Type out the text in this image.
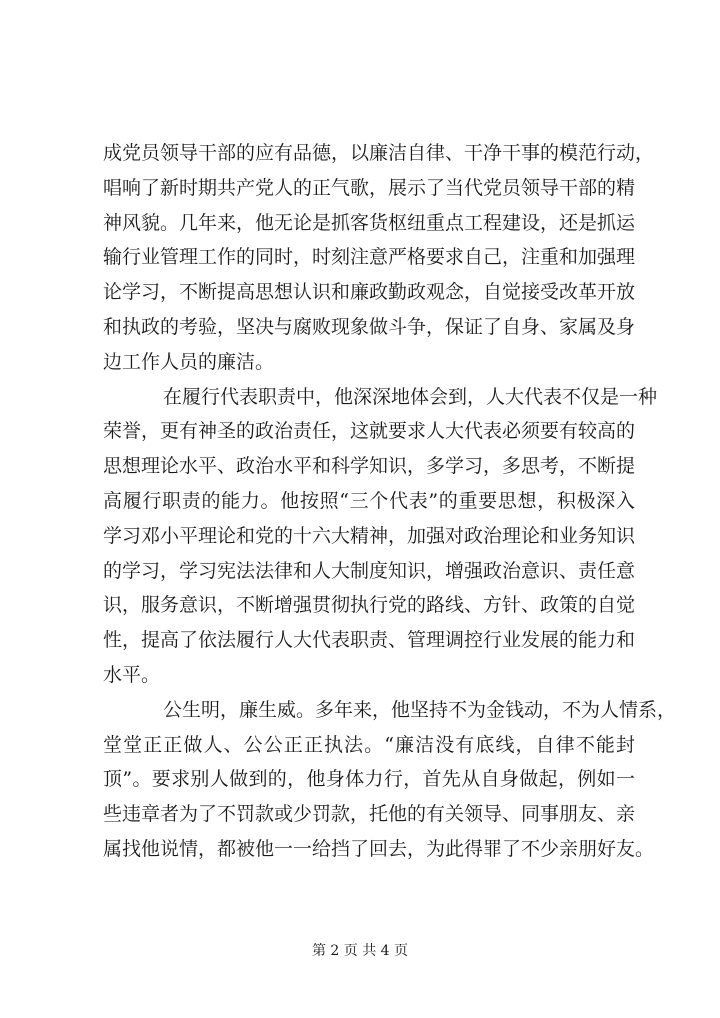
成党员领导干部的应有品德，以廉洁自律、干净干事的模范行动，
唱响了新时期共产党人的正气歌，展示了当代党员领导干部的精
神风貌。几年来，他无论是抓客货枢纽重点工程建设，还是抓运
输行业管理工作的同时，时刻注意严格要求自己，注重和加强理
论学习，不断提高思想认识和廉政勤政观念，自觉接受改革开放
和执政的考验，坚决与腐败现象做斗争，保证了自身、家属及身
边工作人员的廉洁。
在履行代表职责中，他深深地体会到，人大代表不仅是一种
荣誉，更有神圣的政治责任，这就要求人大代表必须要有较高的
思想理论水平、政治水平和科学知识，多学习，多思考，不断提
高履行职责的能力。他按照“三个代表”的重要思想，积极深入
学习邓小平理论和党的十六大精神，加强对政治理论和业务知识
的学习，学习宪法法律和人大制度知识，增强政治意识、责任意
识，服务意识，不断增强贯彻执行党的路线、方针、政策的自觉
性，提高了依法履行人大代表职责、管理调控行业发展的能力和
水平。
公生明，廉生威。多年来，他坚持不为金钱动，不为人情系，
堂堂正正做人、公公正正执法。“廉洁没有底线，自律不能封
顶”。要求别人做到的，他身体力行，首先从自身做起，例如一
些违章者为了不罚款或少罚款，托他的有关领导、同事朋友、亲
属找他说情，都被他一一给挡了回去，为此得罪了不少亲朋好友。
第 2 页 共 4 页
